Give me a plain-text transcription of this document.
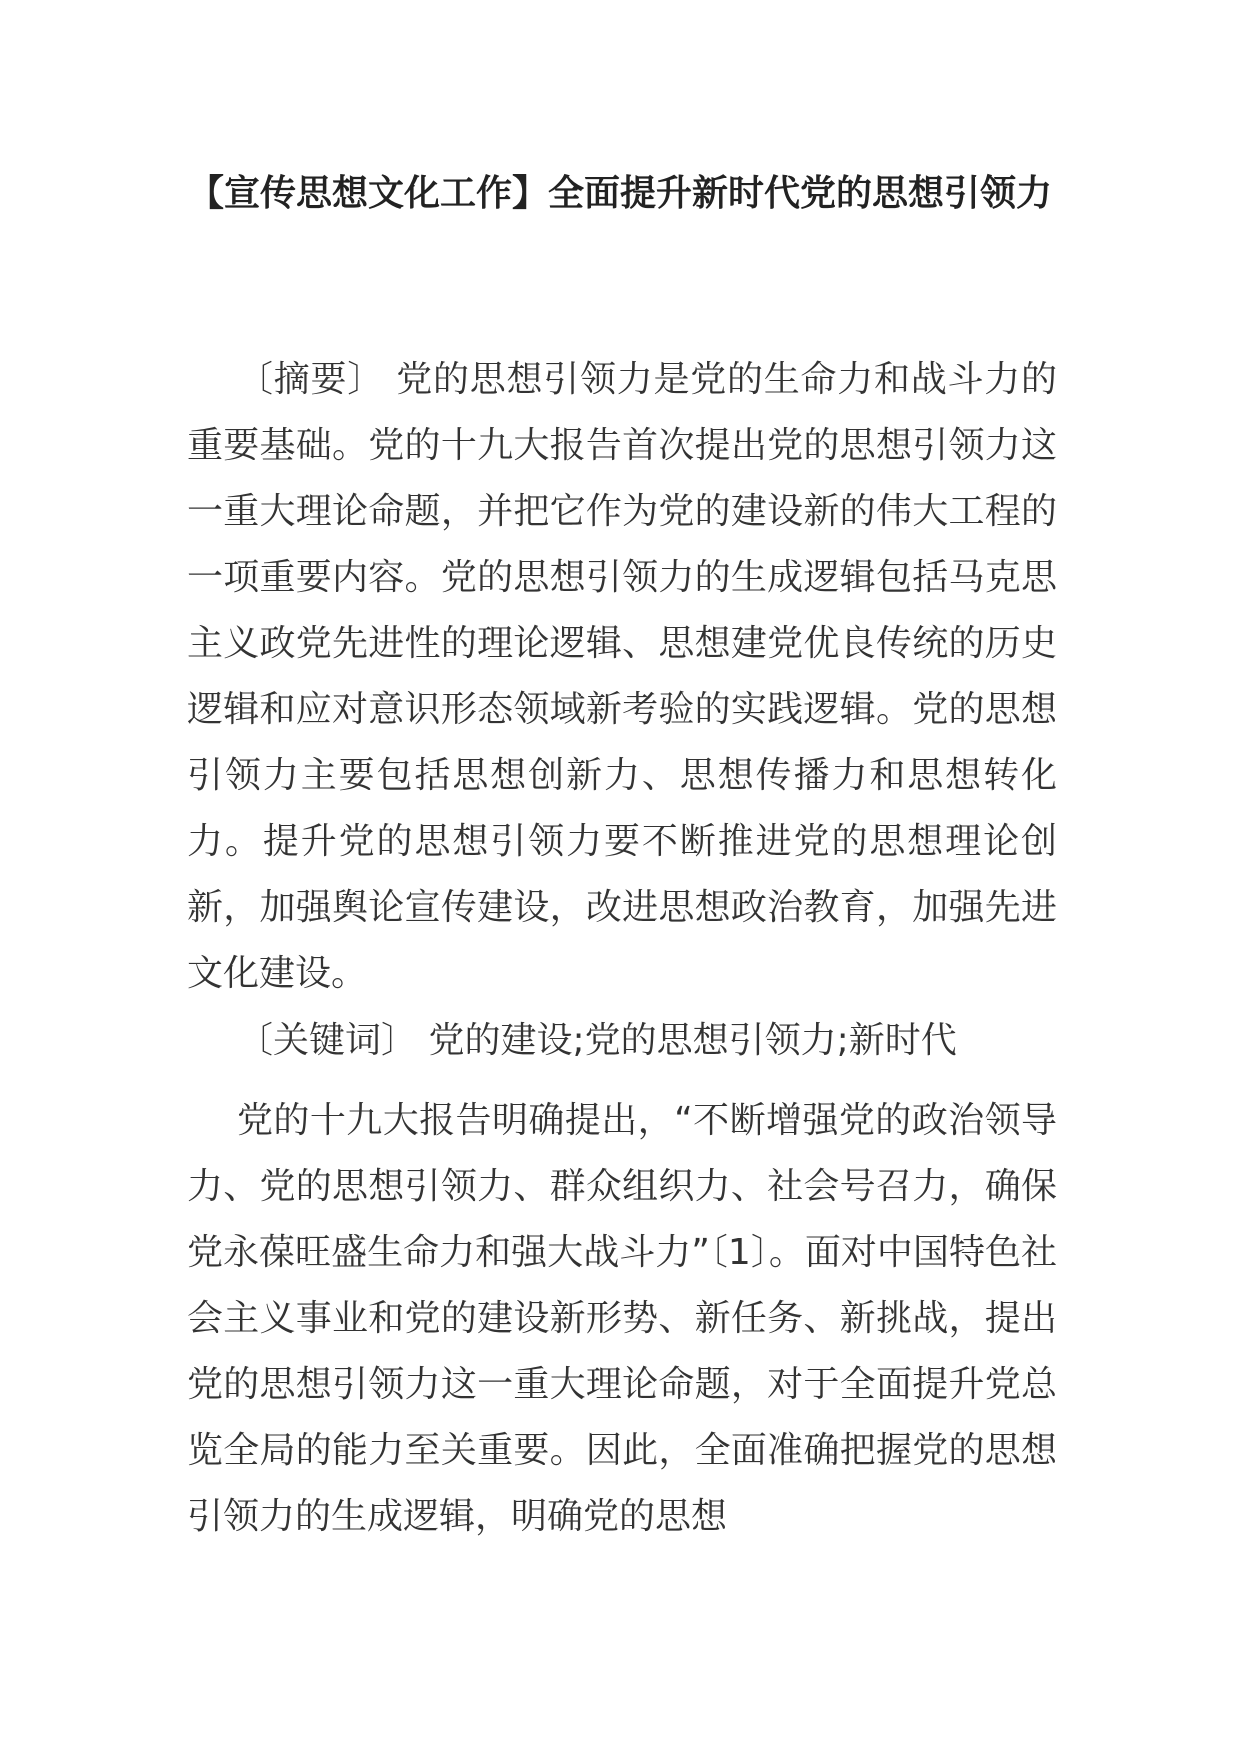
【宣传思想文化工作】全面提升新时代党的思想引领力

〔摘要〕 党的思想引领力是党的生命力和战斗力的重要基础。党的十九大报告首次提出党的思想引领力这一重大理论命题，并把它作为党的建设新的伟大工程的一项重要内容。党的思想引领力的生成逻辑包括马克思主义政党先进性的理论逻辑、思想建党优良传统的历史逻辑和应对意识形态领域新考验的实践逻辑。党的思想引领力主要包括思想创新力、思想传播力和思想转化力。提升党的思想引领力要不断推进党的思想理论创新，加强舆论宣传建设，改进思想政治教育，加强先进文化建设。

〔关键词〕 党的建设;党的思想引领力;新时代

党的十九大报告明确提出，“不断增强党的政治领导力、党的思想引领力、群众组织力、社会号召力，确保党永葆旺盛生命力和强大战斗力”〔1〕。面对中国特色社会主义事业和党的建设新形势、新任务、新挑战，提出党的思想引领力这一重大理论命题，对于全面提升党总览全局的能力至关重要。因此，全面准确把握党的思想引领力的生成逻辑，明确党的思想
